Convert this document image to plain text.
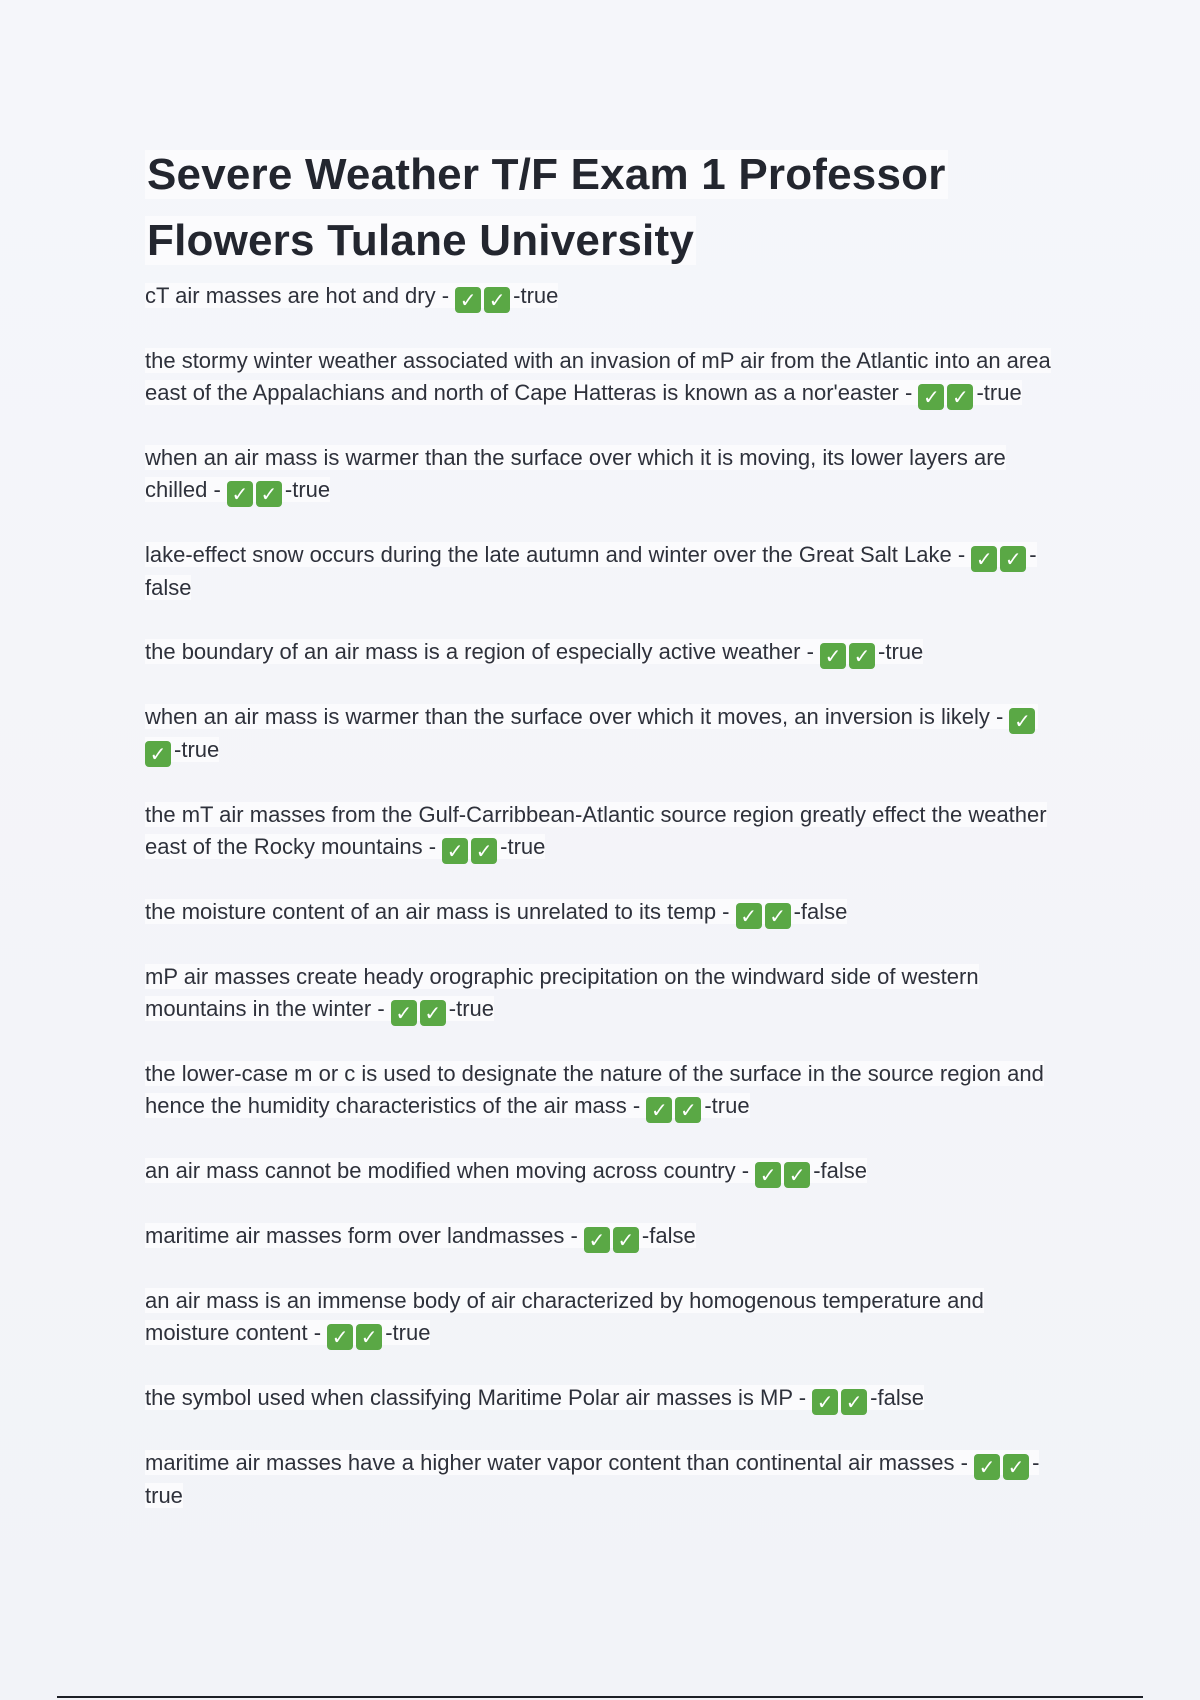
Severe Weather T/F Exam 1 Professor Flowers Tulane University
cT air masses are hot and dry - ✓ ✓ -true
the stormy winter weather associated with an invasion of mP air from the Atlantic into an area east of the Appalachians and north of Cape Hatteras is known as a nor'easter - ✓ ✓ -true
when an air mass is warmer than the surface over which it is moving, its lower layers are chilled - ✓ ✓ -true
lake-effect snow occurs during the late autumn and winter over the Great Salt Lake - ✓ ✓ -false
the boundary of an air mass is a region of especially active weather - ✓ ✓ -true
when an air mass is warmer than the surface over which it moves, an inversion is likely - ✓✓ -true
the mT air masses from the Gulf-Carribbean-Atlantic source region greatly effect the weather east of the Rocky mountains - ✓ ✓ -true
the moisture content of an air mass is unrelated to its temp - ✓ ✓ -false
mP air masses create heady orographic precipitation on the windward side of western mountains in the winter - ✓ ✓ -true
the lower-case m or c is used to designate the nature of the surface in the source region and hence the humidity characteristics of the air mass - ✓ ✓ -true
an air mass cannot be modified when moving across country - ✓ ✓ -false
maritime air masses form over landmasses - ✓ ✓ -false
an air mass is an immense body of air characterized by homogenous temperature and moisture content - ✓ ✓ -true
the symbol used when classifying Maritime Polar air masses is MP - ✓ ✓ -false
maritime air masses have a higher water vapor content than continental air masses - ✓ ✓ -true
